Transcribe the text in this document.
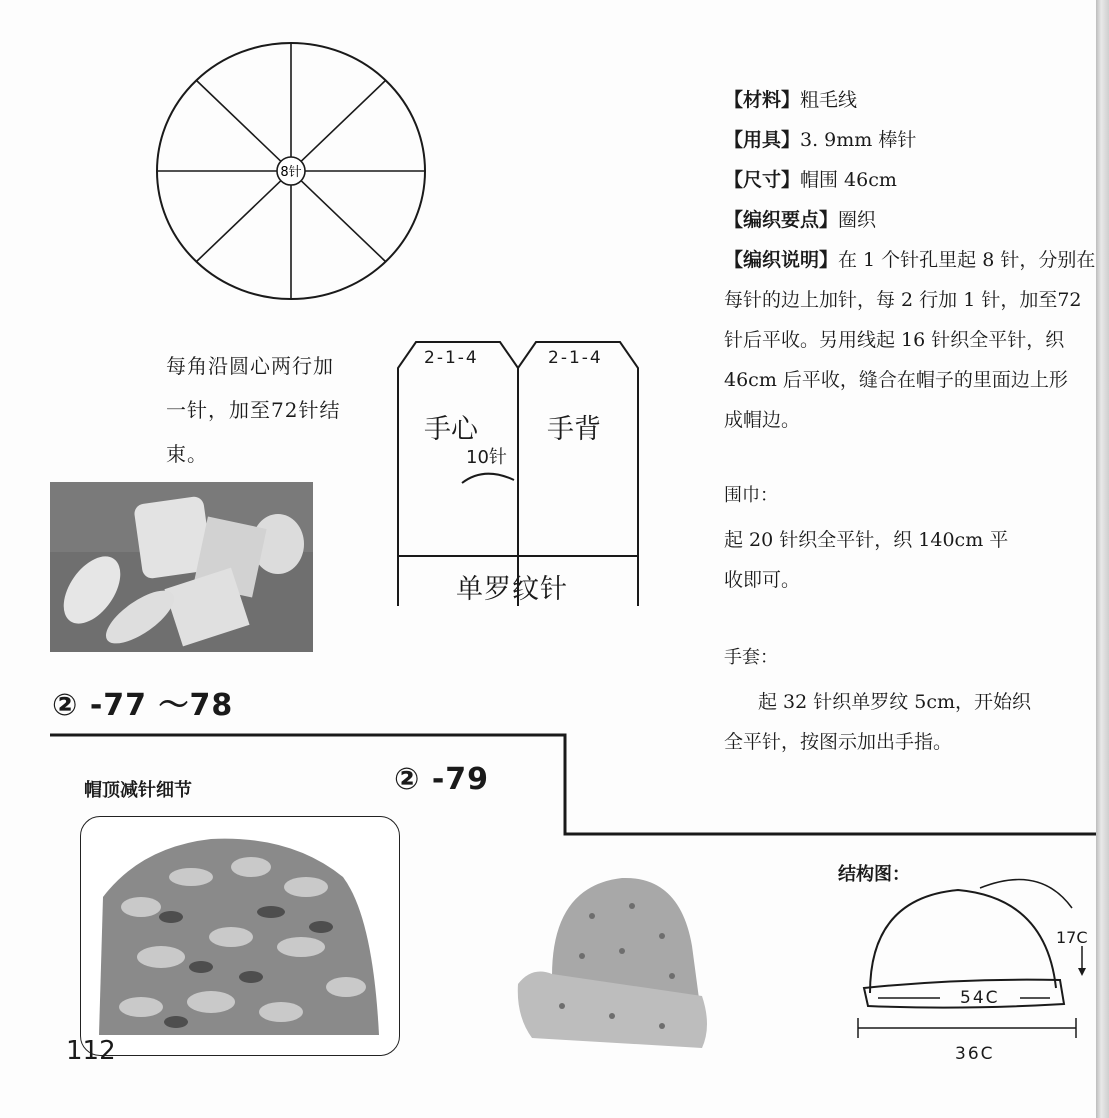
8针
每角沿圆心两行加
一针，加至72针结
束。
2-1-4	2-1-4
手心	手背
10针
单罗纹针
【材料】粗毛线
【用具】3. 9mm 棒针
【尺寸】帽围 46cm
【编织要点】圈织
【编织说明】在 1 个针孔里起 8 针，分别在
每针的边上加针，每 2 行加 1 针，加至72
针后平收。另用线起 16 针织全平针，织
46cm 后平收，缝合在帽子的里面边上形
成帽边。
围巾：
起 20 针织全平针，织 140cm 平
收即可。
手套：
起 32 针织单罗纹 5cm，开始织
全平针，按图示加出手指。
② -77 ～78
② -79
帽顶减针细节
结构图：
17C
54C
36C
112
